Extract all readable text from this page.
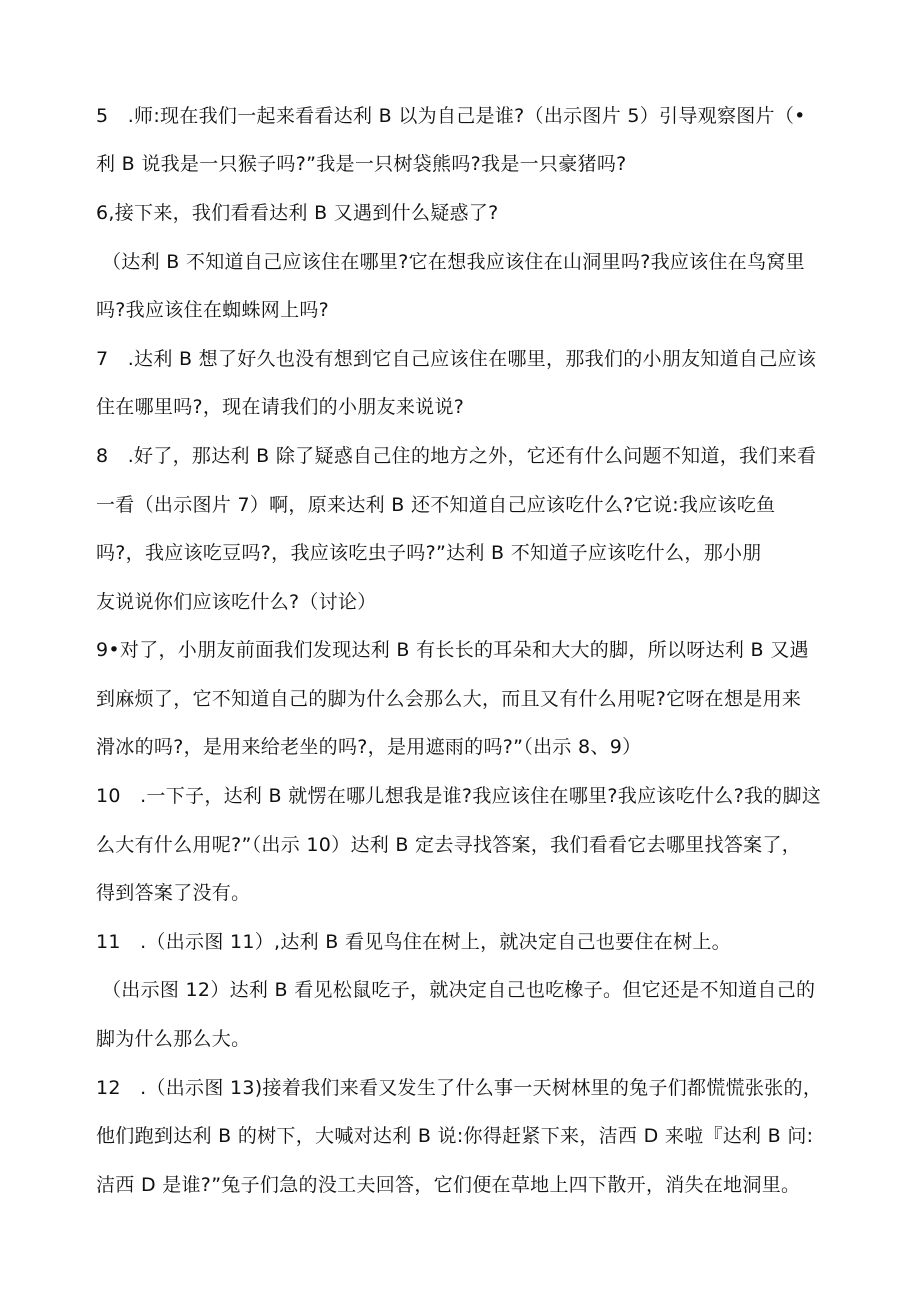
5　.师:现在我们一起来看看达利 B 以为自己是谁?（出示图片 5）引导观察图片（•
利 B 说我是一只猴子吗?”我是一只树袋熊吗?我是一只豪猪吗?
6,接下来，我们看看达利 B 又遇到什么疑惑了?
（达利 B 不知道自己应该住在哪里?它在想我应该住在山洞里吗?我应该住在鸟窝里
吗?我应该住在蜘蛛网上吗?
7　.达利 B 想了好久也没有想到它自己应该住在哪里，那我们的小朋友知道自己应该
住在哪里吗?，现在请我们的小朋友来说说?
8　.好了，那达利 B 除了疑惑自己住的地方之外，它还有什么问题不知道，我们来看
一看（出示图片 7）啊，原来达利 B 还不知道自己应该吃什么?它说:我应该吃鱼
吗?，我应该吃豆吗?，我应该吃虫子吗?”达利 B 不知道子应该吃什么，那小朋
友说说你们应该吃什么?（讨论）
9•对了，小朋友前面我们发现达利 B 有长长的耳朵和大大的脚，所以呀达利 B 又遇
到麻烦了，它不知道自己的脚为什么会那么大，而且又有什么用呢?它呀在想是用来
滑冰的吗?，是用来给老坐的吗?，是用遮雨的吗?”（出示 8、9）
10　.一下子，达利 B 就愣在哪儿想我是谁?我应该住在哪里?我应该吃什么?我的脚这
么大有什么用呢?”（出示 10）达利 B 定去寻找答案，我们看看它去哪里找答案了，
得到答案了没有。
11　.（出示图 11）,达利 B 看见鸟住在树上，就决定自己也要住在树上。
（出示图 12）达利 B 看见松鼠吃子，就决定自己也吃橡子。但它还是不知道自己的
脚为什么那么大。
12　.（出示图 13)接着我们来看又发生了什么事一天树林里的兔子们都慌慌张张的，
他们跑到达利 B 的树下，大喊对达利 B 说:你得赶紧下来，洁西 D 来啦『达利 B 问:
洁西 D 是谁?”兔子们急的没工夫回答，它们便在草地上四下散开，消失在地洞里。
